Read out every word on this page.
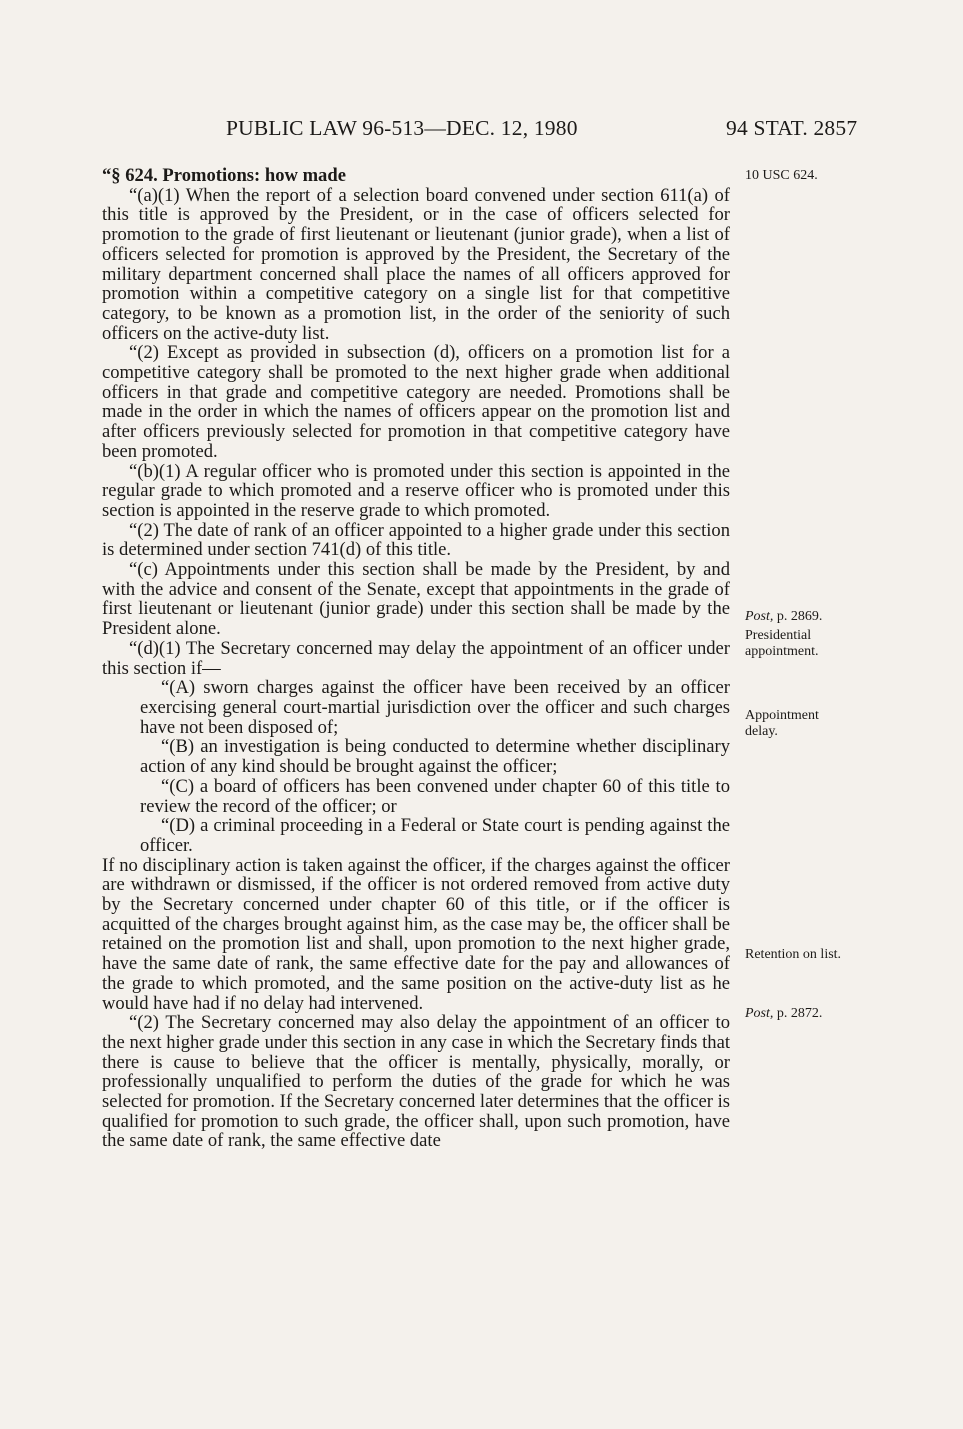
PUBLIC LAW 96-513—DEC. 12, 1980	94 STAT. 2857

“§ 624. Promotions: how made

“(a)(1) When the report of a selection board convened under section 611(a) of this title is approved by the President, or in the case of officers selected for promotion to the grade of first lieutenant or lieutenant (junior grade), when a list of officers selected for promotion is approved by the President, the Secretary of the military department concerned shall place the names of all officers approved for promotion within a competitive category on a single list for that competitive category, to be known as a promotion list, in the order of the seniority of such officers on the active-duty list.

“(2) Except as provided in subsection (d), officers on a promotion list for a competitive category shall be promoted to the next higher grade when additional officers in that grade and competitive category are needed. Promotions shall be made in the order in which the names of officers appear on the promotion list and after officers previously selected for promotion in that competitive category have been promoted.

“(b)(1) A regular officer who is promoted under this section is appointed in the regular grade to which promoted and a reserve officer who is promoted under this section is appointed in the reserve grade to which promoted.

“(2) The date of rank of an officer appointed to a higher grade under this section is determined under section 741(d) of this title.

“(c) Appointments under this section shall be made by the President, by and with the advice and consent of the Senate, except that appointments in the grade of first lieutenant or lieutenant (junior grade) under this section shall be made by the President alone.

“(d)(1) The Secretary concerned may delay the appointment of an officer under this section if—

“(A) sworn charges against the officer have been received by an officer exercising general court-martial jurisdiction over the officer and such charges have not been disposed of;

“(B) an investigation is being conducted to determine whether disciplinary action of any kind should be brought against the officer;

“(C) a board of officers has been convened under chapter 60 of this title to review the record of the officer; or

“(D) a criminal proceeding in a Federal or State court is pending against the officer.

If no disciplinary action is taken against the officer, if the charges against the officer are withdrawn or dismissed, if the officer is not ordered removed from active duty by the Secretary concerned under chapter 60 of this title, or if the officer is acquitted of the charges brought against him, as the case may be, the officer shall be retained on the promotion list and shall, upon promotion to the next higher grade, have the same date of rank, the same effective date for the pay and allowances of the grade to which promoted, and the same position on the active-duty list as he would have had if no delay had intervened.

“(2) The Secretary concerned may also delay the appointment of an officer to the next higher grade under this section in any case in which the Secretary finds that there is cause to believe that the officer is mentally, physically, morally, or professionally unqualified to perform the duties of the grade for which he was selected for promotion. If the Secretary concerned later determines that the officer is qualified for promotion to such grade, the officer shall, upon such promotion, have the same date of rank, the same effective date

10 USC 624.
Post, p. 2869.
Presidential appointment.
Appointment delay.
Retention on list.
Post, p. 2872.
